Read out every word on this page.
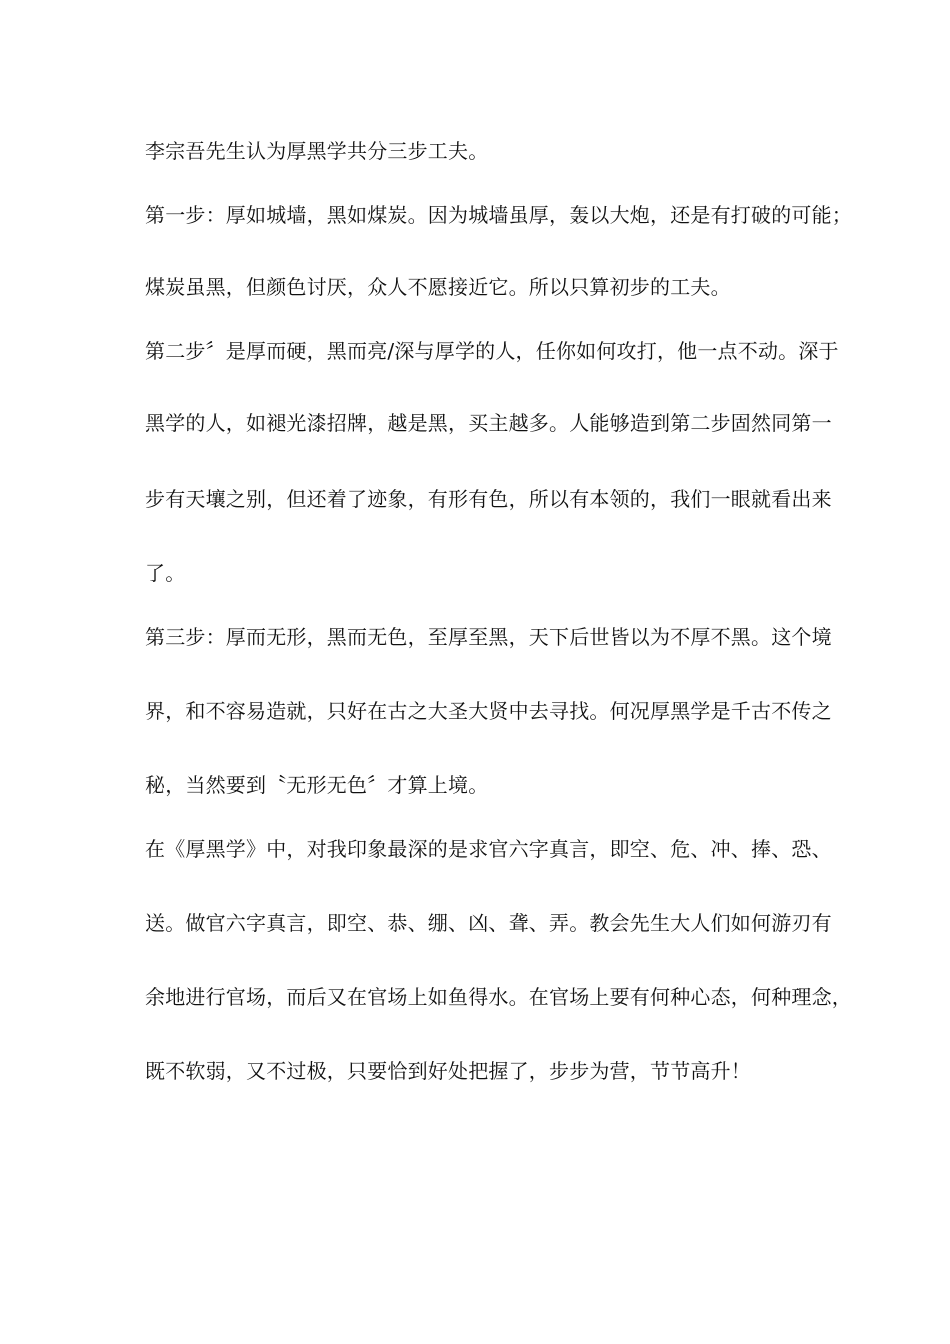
李宗吾先生认为厚黑学共分三步工夫。
第一步：厚如城墙，黑如煤炭。因为城墙虽厚，轰以大炮，还是有打破的可能；
煤炭虽黑，但颜色讨厌，众人不愿接近它。所以只算初步的工夫。
第二步〞是厚而硬，黑而亮/深与厚学的人，任你如何攻打，他一点不动。深于
黑学的人，如褪光漆招牌，越是黑，买主越多。人能够造到第二步固然同第一
步有天壤之别，但还着了迹象，有形有色，所以有本领的，我们一眼就看出来
了。
第三步：厚而无形，黑而无色，至厚至黑，天下后世皆以为不厚不黑。这个境
界，和不容易造就，只好在古之大圣大贤中去寻找。何况厚黑学是千古不传之
秘，当然要到〝无形无色〞才算上境。
在《厚黑学》中，对我印象最深的是求官六字真言，即空、危、冲、捧、恐、
送。做官六字真言，即空、恭、绷、凶、聋、弄。教会先生大人们如何游刃有
余地进行官场，而后又在官场上如鱼得水。在官场上要有何种心态，何种理念，
既不软弱，又不过极，只要恰到好处把握了，步步为营，节节高升！
